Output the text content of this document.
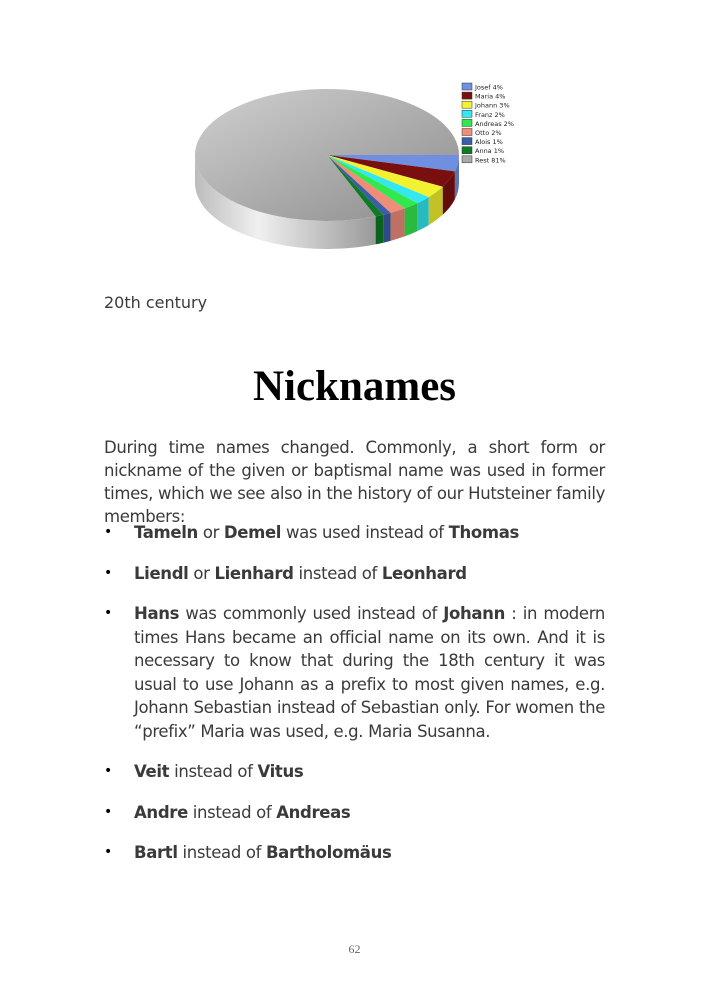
Josef 4%
Maria 4%
Johann 3%
Franz 2%
Andreas 2%
Otto 2%
Alois 1%
Anna 1%
Rest 81%
20th century
Nicknames
During time names changed. Commonly, a short form or nickname of the given or baptismal name was used in former times, which we see also in the history of our Hutsteiner family members:
• Tameln or Demel was used instead of Thomas
• Liendl or Lienhard instead of Leonhard
• Hans was commonly used instead of Johann : in modern times Hans became an official name on its own. And it is necessary to know that during the 18th century it was usual to use Johann as a prefix to most given names, e.g. Johann Sebastian instead of Sebastian only. For women the “prefix” Maria was used, e.g. Maria Susanna.
• Veit instead of Vitus
• Andre instead of Andreas
• Bartl instead of Bartholomäus
62
